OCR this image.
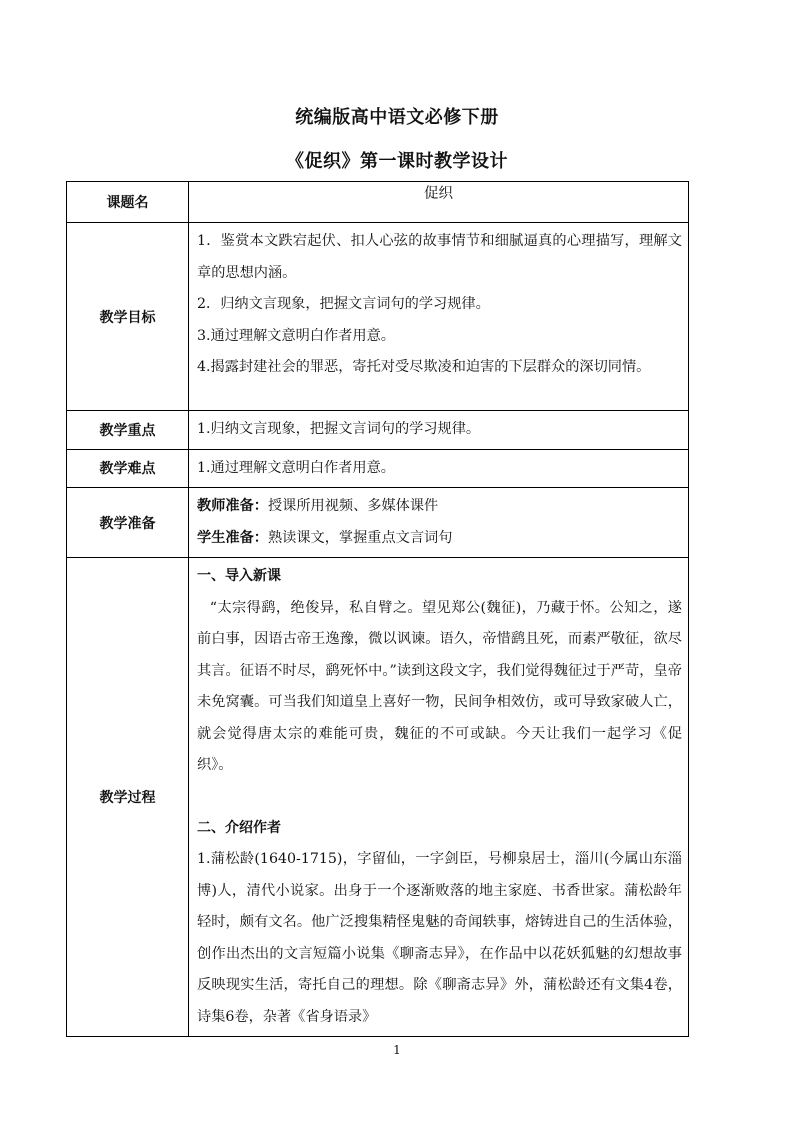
统编版高中语文必修下册
《促织》第一课时教学设计
课题名	促织
教学目标	1．鉴赏本文跌宕起伏、扣人心弦的故事情节和细腻逼真的心理描写，理解文章的思想内涵。
2．归纳文言现象，把握文言词句的学习规律。
3.通过理解文意明白作者用意。
4.揭露封建社会的罪恶，寄托对受尽欺凌和迫害的下层群众的深切同情。

教学重点	1.归纳文言现象，把握文言词句的学习规律。
教学难点	1.通过理解文意明白作者用意。
教学准备	教师准备：授课所用视频、多媒体课件
学生准备：熟读课文，掌握重点文言词句

教学过程	一、导入新课
“太宗得鹞，绝俊异，私自臂之。望见郑公(魏征)，乃藏于怀。公知之，遂前白事，因语古帝王逸豫，微以讽谏。语久，帝惜鹞且死，而素严敬征，欲尽其言。征语不时尽，鹞死怀中。”读到这段文字，我们觉得魏征过于严苛，皇帝未免窝囊。可当我们知道皇上喜好一物，民间争相效仿，或可导致家破人亡，就会觉得唐太宗的难能可贵，魏征的不可或缺。今天让我们一起学习《促织》。
二、介绍作者
1.蒲松龄(1640-1715)，字留仙，一字剑臣，号柳泉居士，淄川(今属山东淄博)人，清代小说家。出身于一个逐渐败落的地主家庭、书香世家。蒲松龄年轻时，颇有文名。他广泛搜集精怪鬼魅的奇闻轶事，熔铸进自己的生活体验，创作出杰出的文言短篇小说集《聊斋志异》，在作品中以花妖狐魅的幻想故事反映现实生活，寄托自己的理想。除《聊斋志异》外，蒲松龄还有文集4卷，诗集6卷，杂著《省身语录》
1
